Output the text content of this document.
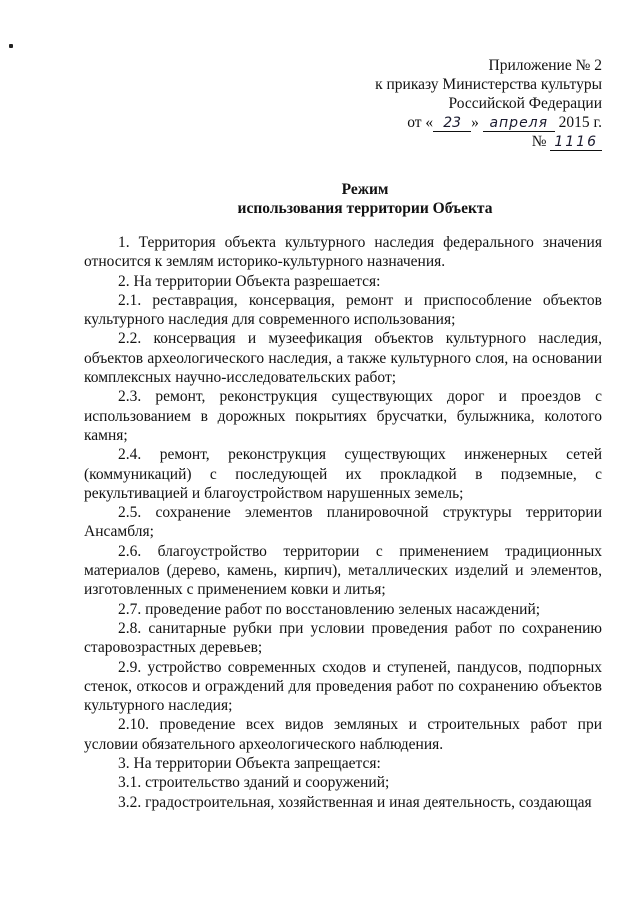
Приложение № 2
к приказу Министерства культуры
Российской Федерации
от « 23 » апреля 2015 г.
№ 1116
Режим
использования территории Объекта

1. Территория объекта культурного наследия федерального значения относится к землям историко-культурного назначения.

2. На территории Объекта разрешается:

2.1. реставрация, консервация, ремонт и приспособление объектов культурного наследия для современного использования;

2.2. консервация и музеефикация объектов культурного наследия, объектов археологического наследия, а также культурного слоя, на основании комплексных научно-исследовательских работ;

2.3. ремонт, реконструкция существующих дорог и проездов с использованием в дорожных покрытиях брусчатки, булыжника, колотого камня;

2.4. ремонт, реконструкция существующих инженерных сетей (коммуникаций) с последующей их прокладкой в подземные, с рекультивацией и благоустройством нарушенных земель;

2.5. сохранение элементов планировочной структуры территории Ансамбля;

2.6. благоустройство территории с применением традиционных материалов (дерево, камень, кирпич), металлических изделий и элементов, изготовленных с применением ковки и литья;

2.7. проведение работ по восстановлению зеленых насаждений;

2.8. санитарные рубки при условии проведения работ по сохранению старовозрастных деревьев;

2.9. устройство современных сходов и ступеней, пандусов, подпорных стенок, откосов и ограждений для проведения работ по сохранению объектов культурного наследия;

2.10. проведение всех видов земляных и строительных работ при условии обязательного археологического наблюдения.

3. На территории Объекта запрещается:

3.1. строительство зданий и сооружений;

3.2. градостроительная, хозяйственная и иная деятельность, создающая
